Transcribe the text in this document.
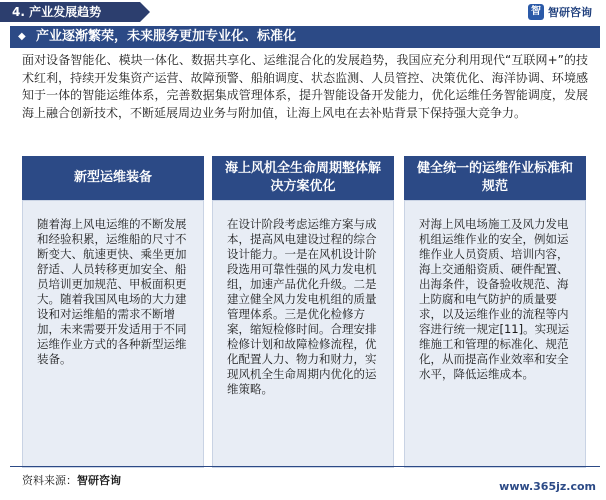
4. 产业发展趋势	智 智研咨询
◆ 产业逐渐繁荣，未来服务更加专业化、标准化
面对设备智能化、模块一体化、数据共享化、运维混合化的发展趋势，我国应充分利用现代“互联网+”的技术红利，持续开发集资产运营、故障预警、船舶调度、状态监测、人员管控、决策优化、海洋协调、环境感知于一体的智能运维体系，完善数据集成管理体系，提升智能设备开发能力，优化运维任务智能调度，发展海上融合创新技术，不断延展周边业务与附加值，让海上风电在去补贴背景下保持强大竞争力。
新型运维装备
随着海上风电运维的不断发展和经验积累，运维船的尺寸不断变大、航速更快、乘坐更加舒适、人员转移更加安全、船员培训更加规范、甲板面积更大。随着我国风电场的大力建设和对运维船的需求不断增加，未来需要开发适用于不同运维作业方式的各种新型运维装备。
海上风机全生命周期整体解决方案优化
在设计阶段考虑运维方案与成本，提高风电建设过程的综合设计能力。一是在风机设计阶段选用可靠性强的风力发电机组，加速产品优化升级。二是建立健全风力发电机组的质量管理体系。三是优化检修方案，缩短检修时间。合理安排检修计划和故障检修流程，优化配置人力、物力和财力，实现风机全生命周期内优化的运维策略。
健全统一的运维作业标准和规范
对海上风电场施工及风力发电机组运维作业的安全，例如运维作业人员资质、培训内容，海上交通船资质、硬件配置、出海条件，设备验收规范、海上防腐和电气防护的质量要求，以及运维作业的流程等内容进行统一规定[11]。实现运维施工和管理的标准化、规范化，从而提高作业效率和安全水平，降低运维成本。
资料来源：智研咨询	www.365jz.com
